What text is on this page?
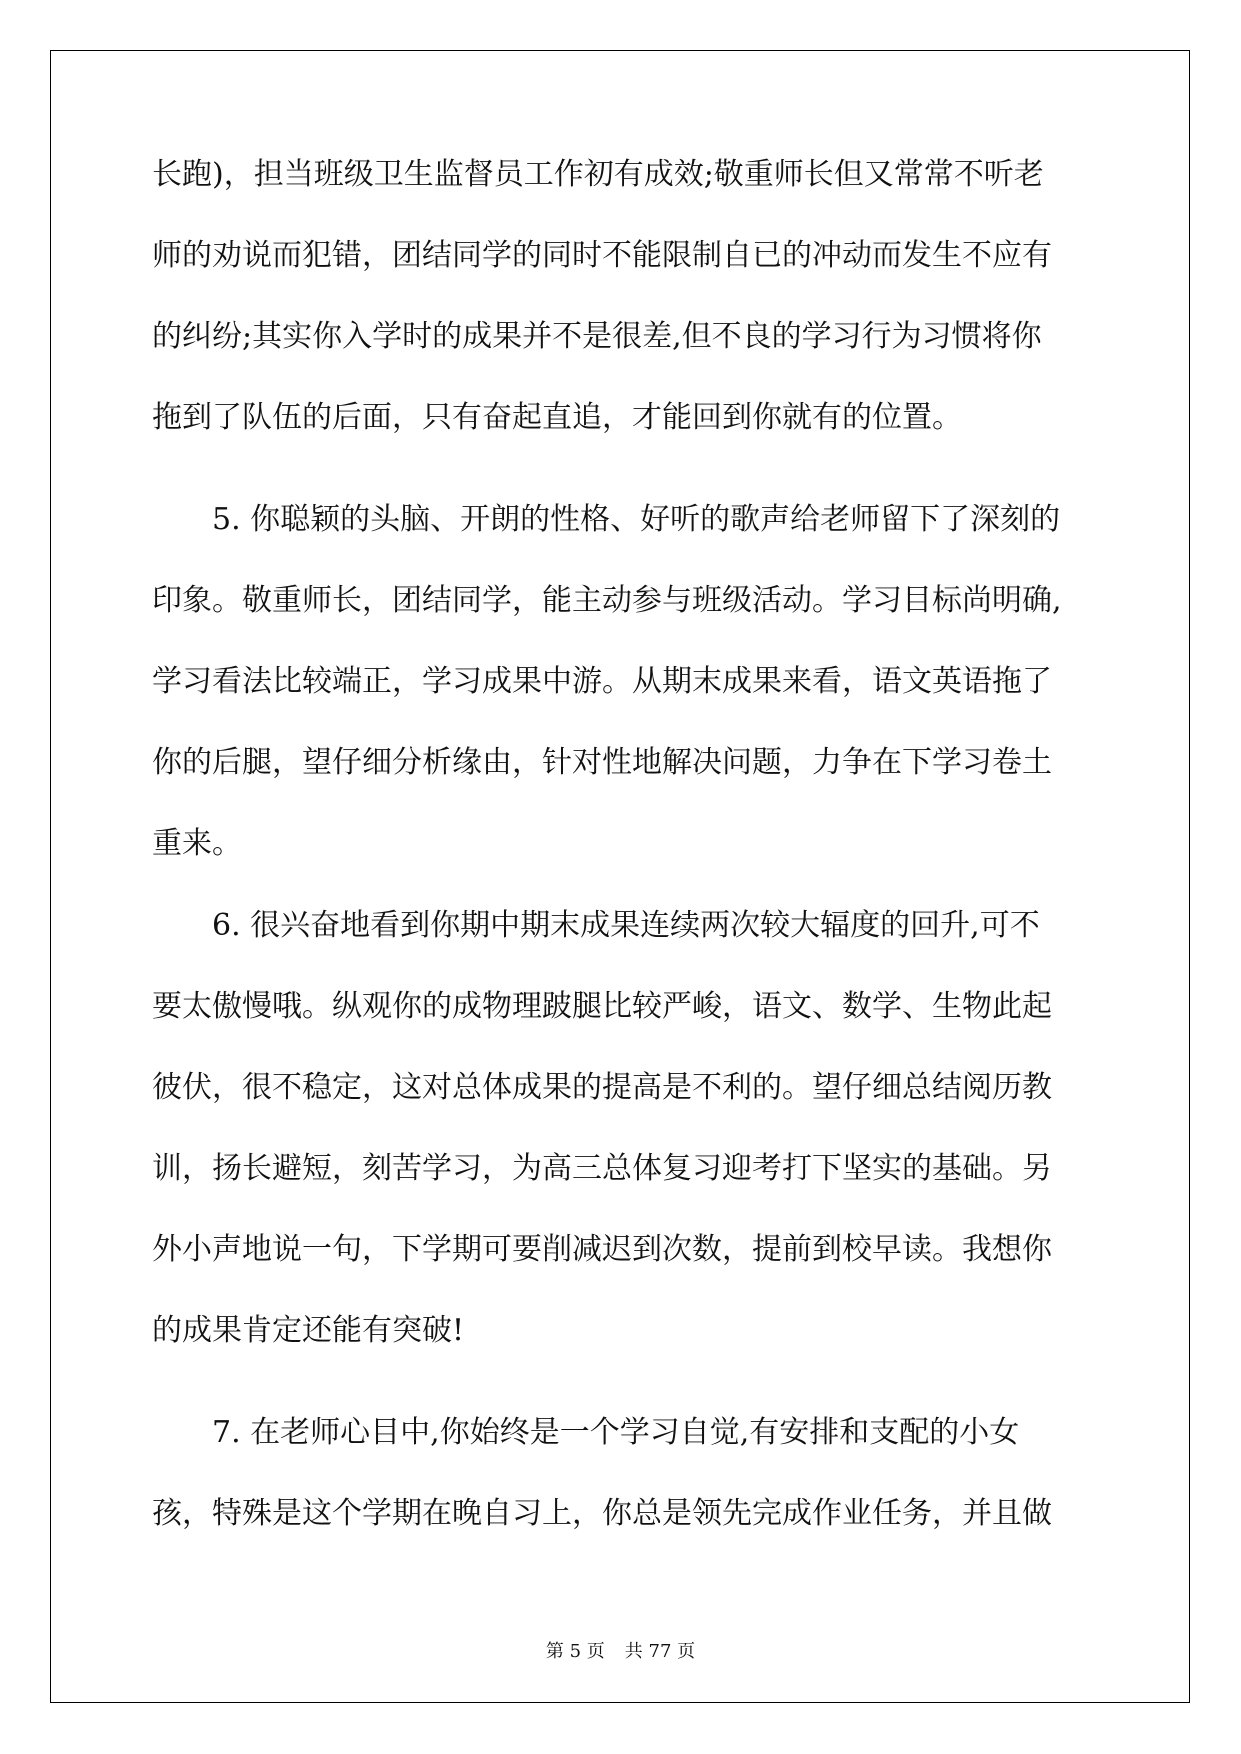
长跑)，担当班级卫生监督员工作初有成效;敬重师长但又常常不听老
师的劝说而犯错，团结同学的同时不能限制自已的冲动而发生不应有
的纠纷;其实你入学时的成果并不是很差,但不良的学习行为习惯将你
拖到了队伍的后面，只有奋起直追，才能回到你就有的位置。
5. 你聪颖的头脑、开朗的性格、好听的歌声给老师留下了深刻的
印象。敬重师长，团结同学，能主动参与班级活动。学习目标尚明确,
学习看法比较端正，学习成果中游。从期末成果来看，语文英语拖了
你的后腿，望仔细分析缘由，针对性地解决问题，力争在下学习卷土
重来。
6. 很兴奋地看到你期中期末成果连续两次较大辐度的回升,可不
要太傲慢哦。纵观你的成物理跛腿比较严峻，语文、数学、生物此起
彼伏，很不稳定，这对总体成果的提高是不利的。望仔细总结阅历教
训，扬长避短，刻苦学习，为高三总体复习迎考打下坚实的基础。另
外小声地说一句，下学期可要削减迟到次数，提前到校早读。我想你
的成果肯定还能有突破!
7. 在老师心目中,你始终是一个学习自觉,有安排和支配的小女
孩，特殊是这个学期在晚自习上，你总是领先完成作业任务，并且做
第 5 页 共 77 页
